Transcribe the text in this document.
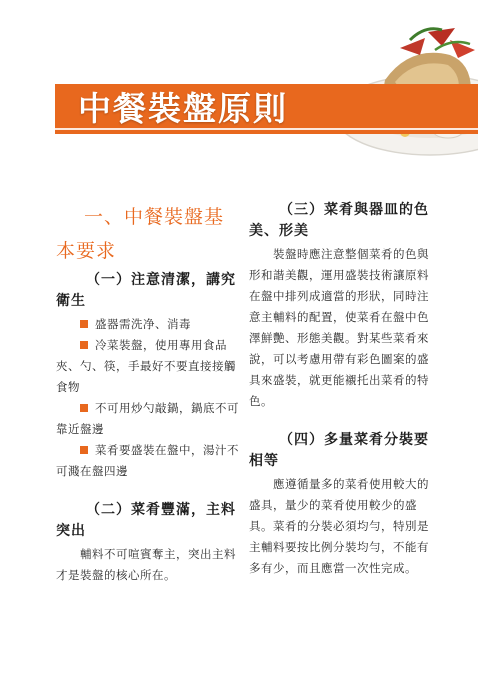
中餐裝盤原則
一、中餐裝盤基本要求
（一）注意清潔，講究衛生

盛器需洗净、消毒

冷菜裝盤，使用專用食品夾、勺、筷，手最好不要直接接觸食物

不可用炒勺敲鍋，鍋底不可靠近盤邊

菜肴要盛裝在盤中，湯汁不可濺在盤四邊

（二）菜肴豐滿，主料突出

輔料不可喧賓奪主，突出主料才是裝盤的核心所在。

（三）菜肴與器皿的色美、形美

裝盤時應注意整個菜肴的色與形和諧美觀，運用盛裝技術讓原料在盤中排列成適當的形狀，同時注意主輔料的配置，使菜肴在盤中色澤鮮艷、形態美觀。對某些菜肴來說，可以考慮用帶有彩色圖案的盛具來盛裝，就更能襯托出菜肴的特色。

（四）多量菜肴分裝要相等

應遵循量多的菜肴使用較大的盛具，量少的菜肴使用較少的盛具。菜肴的分裝必須均勻，特別是主輔料要按比例分裝均勻，不能有多有少，而且應當一次性完成。
